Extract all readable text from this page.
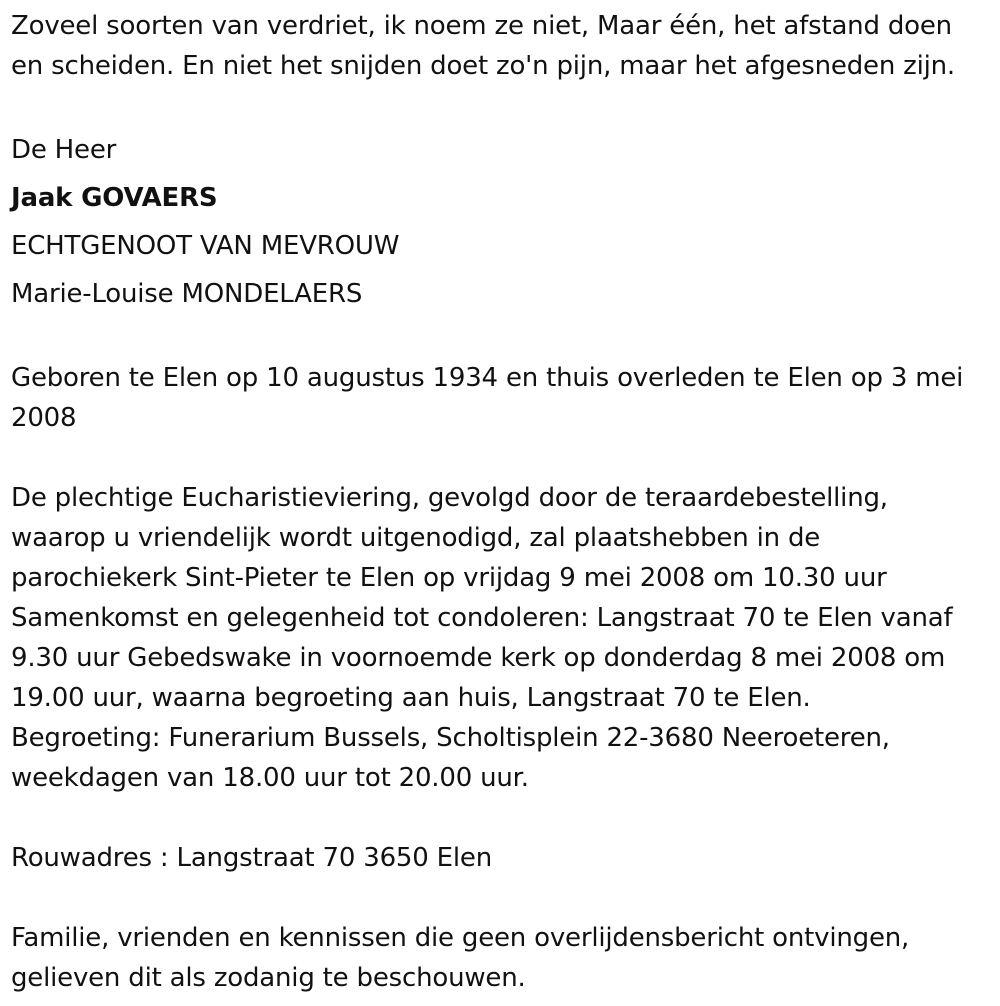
Zoveel soorten van verdriet, ik noem ze niet, Maar één, het afstand doen
en scheiden. En niet het snijden doet zo'n pijn, maar het afgesneden zijn.

De Heer

Jaak GOVAERS

ECHTGENOOT VAN MEVROUW

Marie-Louise MONDELAERS

Geboren te Elen op 10 augustus 1934 en thuis overleden te Elen op 3 mei
2008
De plechtige Eucharistieviering, gevolgd door de teraardebestelling,
waarop u vriendelijk wordt uitgenodigd, zal plaatshebben in de
parochiekerk Sint-Pieter te Elen op vrijdag 9 mei 2008 om 10.30 uur
Samenkomst en gelegenheid tot condoleren: Langstraat 70 te Elen vanaf
9.30 uur Gebedswake in voornoemde kerk op donderdag 8 mei 2008 om
19.00 uur, waarna begroeting aan huis, Langstraat 70 te Elen.
Begroeting: Funerarium Bussels, Scholtisplein 22-3680 Neeroeteren,
weekdagen van 18.00 uur tot 20.00 uur.
Rouwadres : Langstraat 70 3650 Elen
Familie, vrienden en kennissen die geen overlijdensbericht ontvingen,
gelieven dit als zodanig te beschouwen.
